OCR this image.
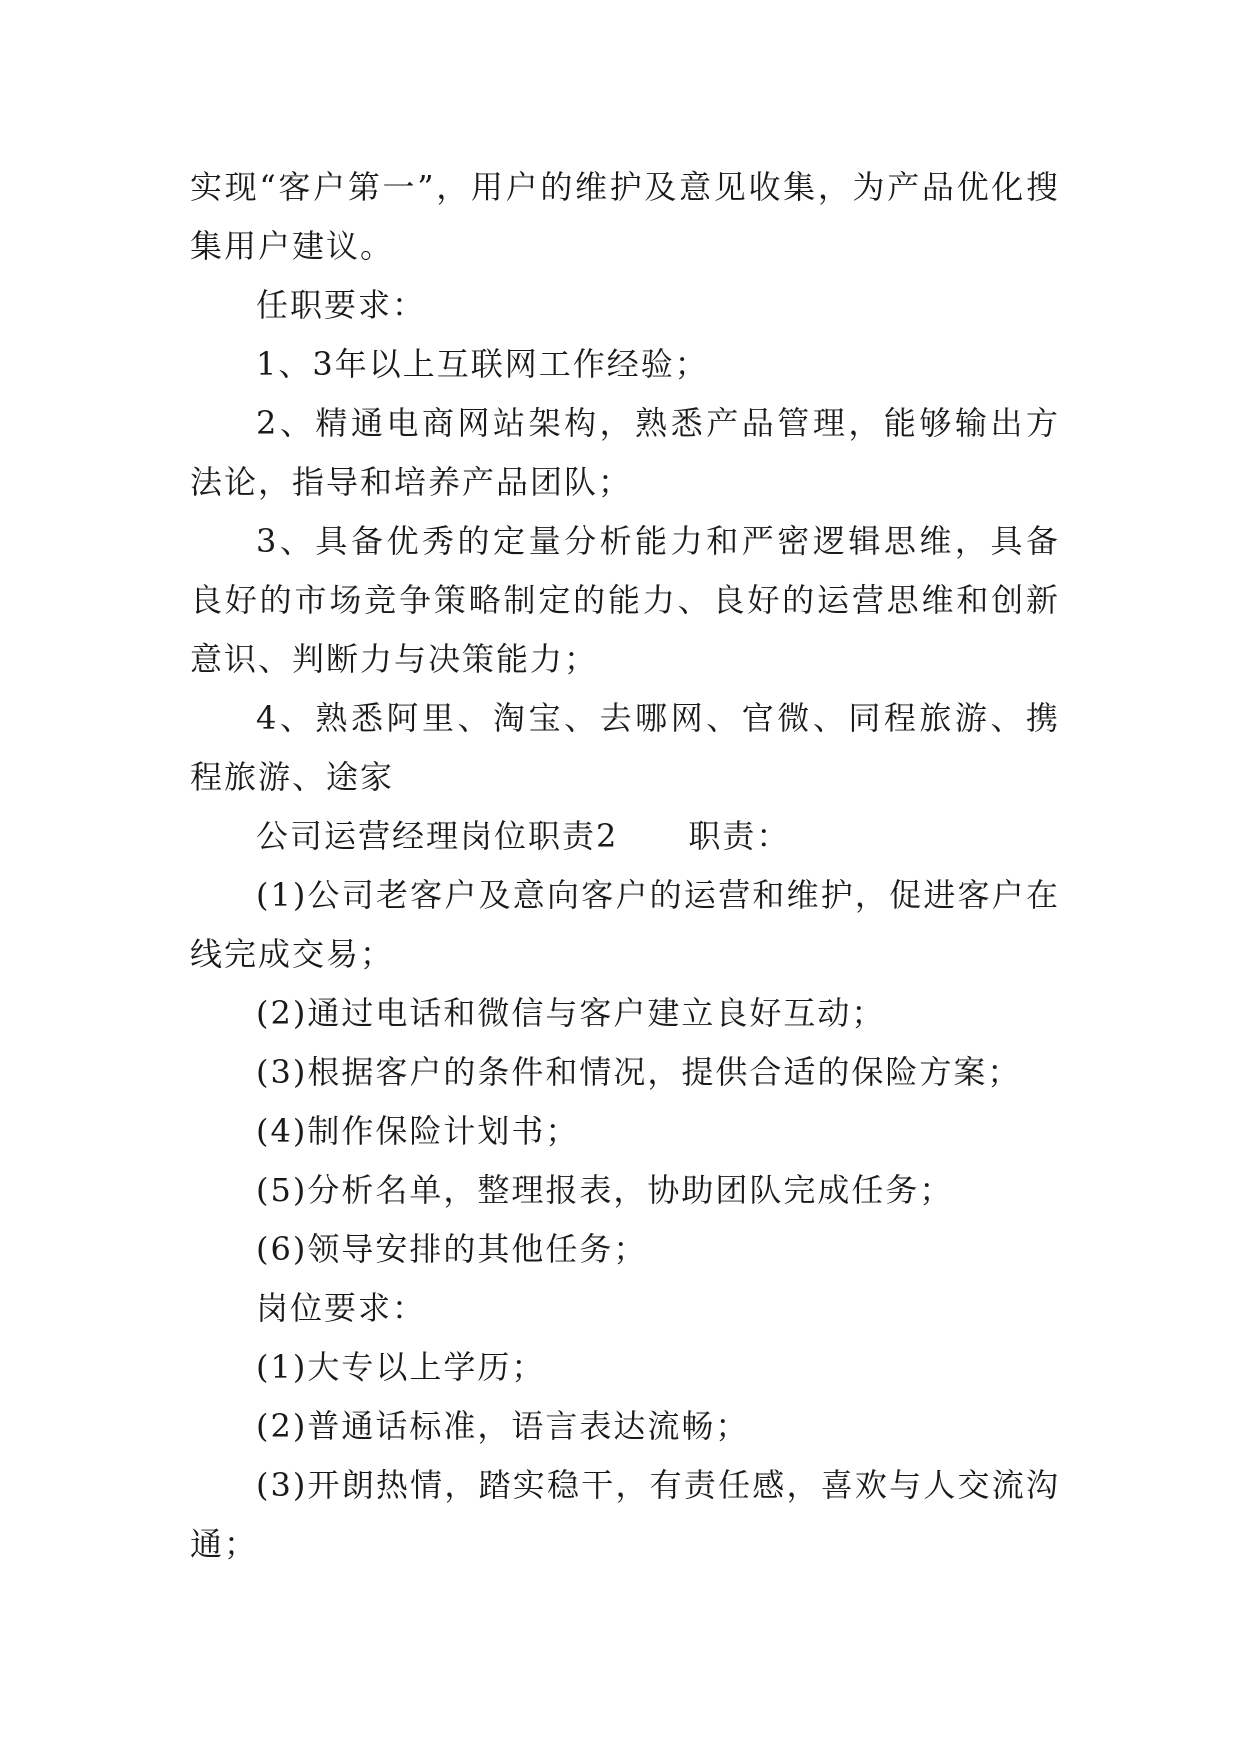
实现“客户第一”，用户的维护及意见收集，为产品优化搜集用户建议。

任职要求：

1、3年以上互联网工作经验；

2、精通电商网站架构，熟悉产品管理，能够输出方法论，指导和培养产品团队；

3、具备优秀的定量分析能力和严密逻辑思维，具备良好的市场竞争策略制定的能力、良好的运营思维和创新意识、判断力与决策能力；

4、熟悉阿里、淘宝、去哪网、官微、同程旅游、携程旅游、途家

公司运营经理岗位职责2 职责：

(1)公司老客户及意向客户的运营和维护，促进客户在线完成交易；

(2)通过电话和微信与客户建立良好互动；

(3)根据客户的条件和情况，提供合适的保险方案；

(4)制作保险计划书；

(5)分析名单，整理报表，协助团队完成任务；

(6)领导安排的其他任务；

岗位要求：

(1)大专以上学历；

(2)普通话标准，语言表达流畅；

(3)开朗热情，踏实稳干，有责任感，喜欢与人交流沟通；
